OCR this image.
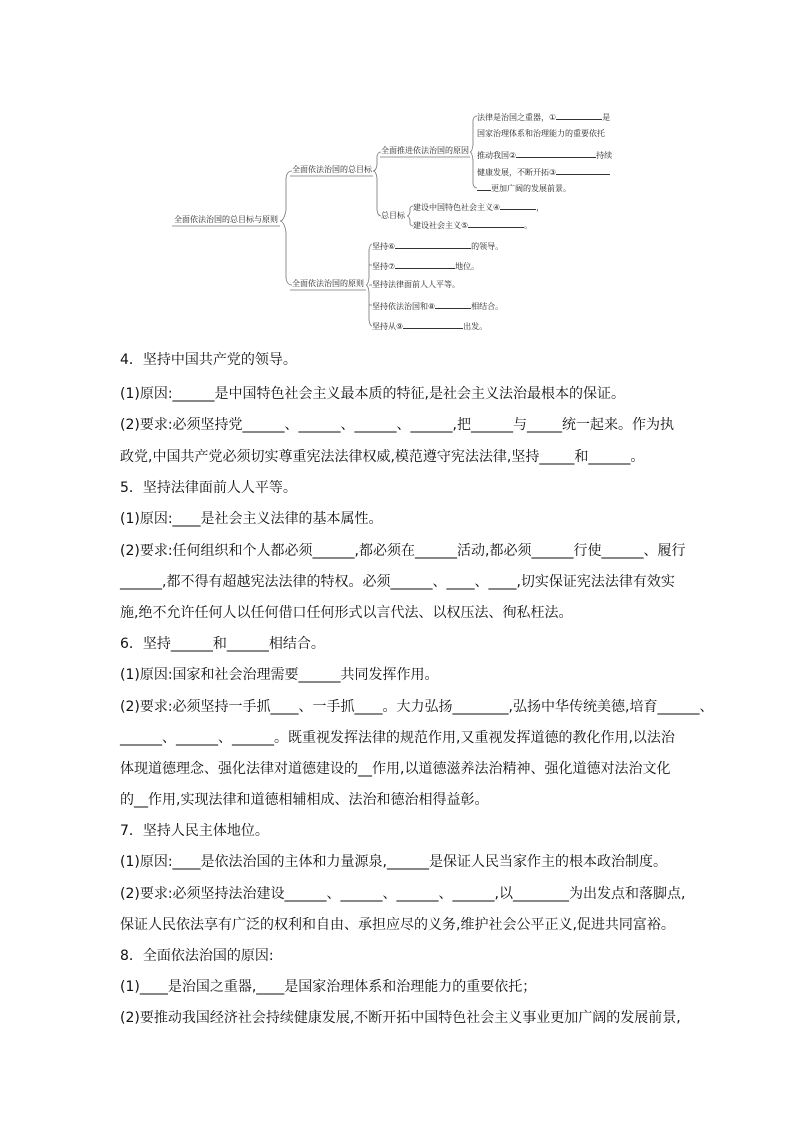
全面依法治国的总目标与原则
全面依法治国的总目标
全面依法治国的原则
全面推进依法治国的原因
总目标
法律是治国之重器，①	是
国家治理体系和治理能力的重要依托
推动我国②	持续
健康发展，不断开拓③
更加广阔的发展前景。
建设中国特色社会主义④	，
建设社会主义⑤	。
坚持⑥	的领导。
坚持⑦	地位。
坚持法律面前人人平等。
坚持依法治国和⑧	相结合。
坚持从⑨	出发。
4．坚持中国共产党的领导。
(1)原因:______是中国特色社会主义最本质的特征,是社会主义法治最根本的保证。
(2)要求:必须坚持党______、______、______、______,把______与_____统一起来。作为执
政党,中国共产党必须切实尊重宪法法律权威,模范遵守宪法法律,坚持_____和______。
5．坚持法律面前人人平等。
(1)原因:____是社会主义法律的基本属性。
(2)要求:任何组织和个人都必须______,都必须在______活动,都必须______行使______、履行
______,都不得有超越宪法法律的特权。必须______、____、____,切实保证宪法法律有效实
施,绝不允许任何人以任何借口任何形式以言代法、以权压法、徇私枉法。
6．坚持______和______相结合。
(1)原因:国家和社会治理需要______共同发挥作用。
(2)要求:必须坚持一手抓____、一手抓____。大力弘扬________,弘扬中华传统美德,培育______、
______、______、______。既重视发挥法律的规范作用,又重视发挥道德的教化作用,以法治
体现道德理念、强化法律对道德建设的__作用,以道德滋养法治精神、强化道德对法治文化
的__作用,实现法律和道德相辅相成、法治和德治相得益彰。
7．坚持人民主体地位。
(1)原因:____是依法治国的主体和力量源泉,______是保证人民当家作主的根本政治制度。
(2)要求:必须坚持法治建设______、______、______、______,以________为出发点和落脚点,
保证人民依法享有广泛的权利和自由、承担应尽的义务,维护社会公平正义,促进共同富裕。
8．全面依法治国的原因:
(1)____是治国之重器,____是国家治理体系和治理能力的重要依托；
(2)要推动我国经济社会持续健康发展,不断开拓中国特色社会主义事业更加广阔的发展前景,
